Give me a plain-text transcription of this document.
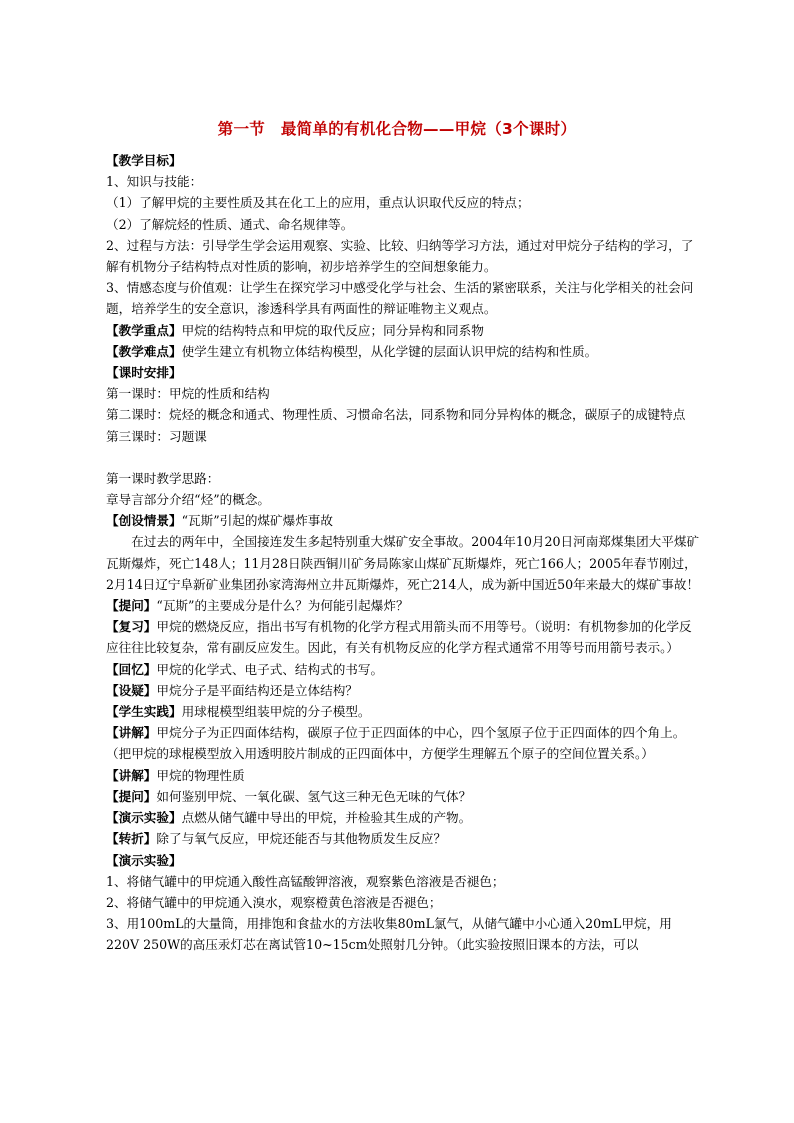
第一节　最简单的有机化合物——甲烷（3个课时）

【教学目标】

1、知识与技能：

（1）了解甲烷的主要性质及其在化工上的应用，重点认识取代反应的特点；

（2）了解烷烃的性质、通式、命名规律等。

2、过程与方法：引导学生学会运用观察、实验、比较、归纳等学习方法，通过对甲烷分子结构的学习，了解有机物分子结构特点对性质的影响，初步培养学生的空间想象能力。

3、情感态度与价值观：让学生在探究学习中感受化学与社会、生活的紧密联系，关注与化学相关的社会问题，培养学生的安全意识，渗透科学具有两面性的辩证唯物主义观点。

【教学重点】甲烷的结构特点和甲烷的取代反应；同分异构和同系物

【教学难点】使学生建立有机物立体结构模型，从化学键的层面认识甲烷的结构和性质。

【课时安排】

第一课时：甲烷的性质和结构

第二课时：烷烃的概念和通式、物理性质、习惯命名法，同系物和同分异构体的概念，碳原子的成键特点

第三课时：习题课

第一课时教学思路：

章导言部分介绍“烃”的概念。

【创设情景】“瓦斯”引起的煤矿爆炸事故

在过去的两年中，全国接连发生多起特别重大煤矿安全事故。2004年10月20日河南郑煤集团大平煤矿瓦斯爆炸，死亡148人；11月28日陕西铜川矿务局陈家山煤矿瓦斯爆炸，死亡166人；2005年春节刚过，2月14日辽宁阜新矿业集团孙家湾海州立井瓦斯爆炸，死亡214人，成为新中国近50年来最大的煤矿事故！

【提问】“瓦斯”的主要成分是什么？为何能引起爆炸？

【复习】甲烷的燃烧反应，指出书写有机物的化学方程式用箭头而不用等号。（说明：有机物参加的化学反应往往比较复杂，常有副反应发生。因此，有关有机物反应的化学方程式通常不用等号而用箭号表示。）

【回忆】甲烷的化学式、电子式、结构式的书写。

【设疑】甲烷分子是平面结构还是立体结构？

【学生实践】用球棍模型组装甲烷的分子模型。

【讲解】甲烷分子为正四面体结构，碳原子位于正四面体的中心，四个氢原子位于正四面体的四个角上。（把甲烷的球棍模型放入用透明胶片制成的正四面体中，方便学生理解五个原子的空间位置关系。）

【讲解】甲烷的物理性质

【提问】如何鉴别甲烷、一氧化碳、氢气这三种无色无味的气体？

【演示实验】点燃从储气罐中导出的甲烷，并检验其生成的产物。

【转折】除了与氧气反应，甲烷还能否与其他物质发生反应？

【演示实验】

1、将储气罐中的甲烷通入酸性高锰酸钾溶液，观察紫色溶液是否褪色；

2、将储气罐中的甲烷通入溴水，观察橙黄色溶液是否褪色；

3、用100mL的大量筒，用排饱和食盐水的方法收集80mL氯气，从储气罐中小心通入20mL甲烷，用220V 250W的高压汞灯芯在离试管10~15cm处照射几分钟。（此实验按照旧课本的方法，可以
